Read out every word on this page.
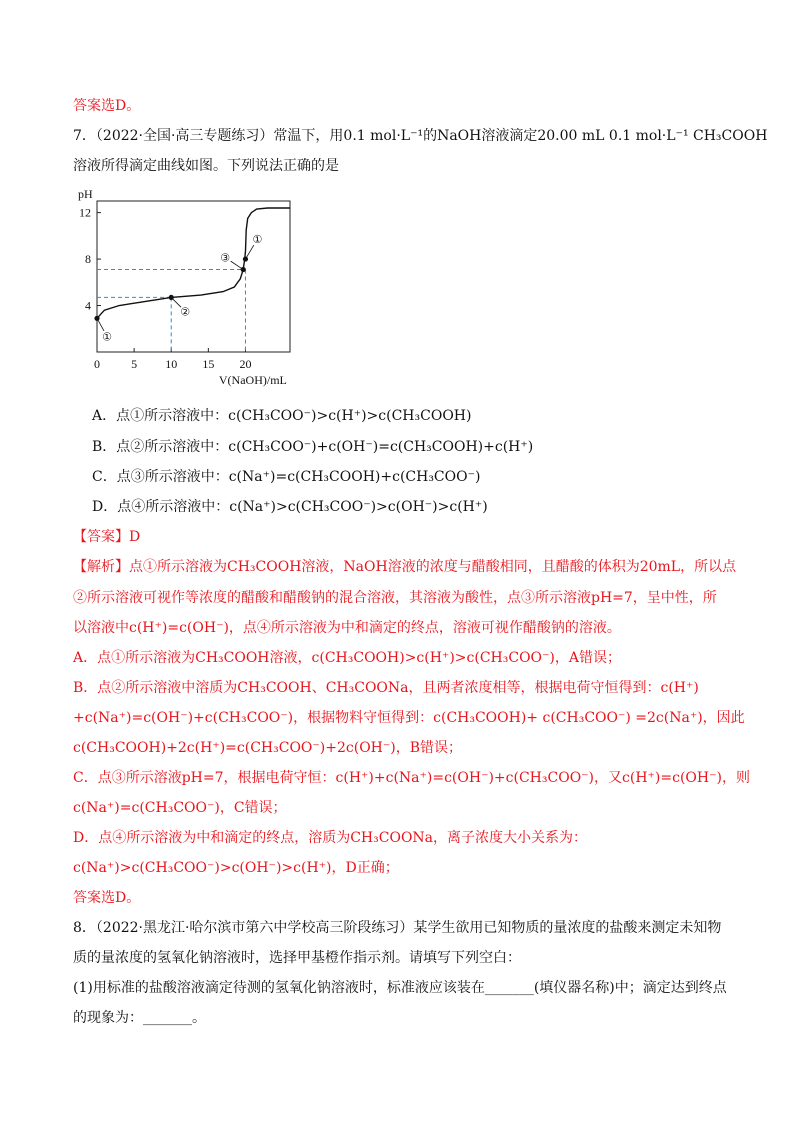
答案选D。
7．（2022·全国·高三专题练习）常温下，用0.1 mol·L⁻¹的NaOH溶液滴定20.00 mL 0.1 mol·L⁻¹ CH₃COOH
溶液所得滴定曲线如图。下列说法正确的是
0	5 10 15 20
4
8
12
pH
V(NaOH)/mL
①
②
③
①
A．点①所示溶液中：c(CH₃COO⁻)>c(H⁺)>c(CH₃COOH)
B．点②所示溶液中：c(CH₃COO⁻)+c(OH⁻)=c(CH₃COOH)+c(H⁺)
C．点③所示溶液中：c(Na⁺)=c(CH₃COOH)+c(CH₃COO⁻)
D．点④所示溶液中：c(Na⁺)>c(CH₃COO⁻)>c(OH⁻)>c(H⁺)
【答案】D
【解析】点①所示溶液为CH₃COOH溶液，NaOH溶液的浓度与醋酸相同，且醋酸的体积为20mL，所以点
②所示溶液可视作等浓度的醋酸和醋酸钠的混合溶液，其溶液为酸性，点③所示溶液pH=7，呈中性，所
以溶液中c(H⁺)=c(OH⁻)，点④所示溶液为中和滴定的终点，溶液可视作醋酸钠的溶液。
A．点①所示溶液为CH₃COOH溶液，c(CH₃COOH)>c(H⁺)>c(CH₃COO⁻)，A错误；
B．点②所示溶液中溶质为CH₃COOH、CH₃COONa，且两者浓度相等，根据电荷守恒得到：c(H⁺)
+c(Na⁺)=c(OH⁻)+c(CH₃COO⁻)，根据物料守恒得到：c(CH₃COOH)+ c(CH₃COO⁻) =2c(Na⁺)，因此
c(CH₃COOH)+2c(H⁺)=c(CH₃COO⁻)+2c(OH⁻)，B错误；
C．点③所示溶液pH=7，根据电荷守恒：c(H⁺)+c(Na⁺)=c(OH⁻)+c(CH₃COO⁻)，又c(H⁺)=c(OH⁻)，则
c(Na⁺)=c(CH₃COO⁻)，C错误；
D．点④所示溶液为中和滴定的终点，溶质为CH₃COONa，离子浓度大小关系为：
c(Na⁺)>c(CH₃COO⁻)>c(OH⁻)>c(H⁺)，D正确；
答案选D。
8．（2022·黑龙江·哈尔滨市第六中学校高三阶段练习）某学生欲用已知物质的量浓度的盐酸来测定未知物
质的量浓度的氢氧化钠溶液时，选择甲基橙作指示剂。请填写下列空白：
(1)用标准的盐酸溶液滴定待测的氢氧化钠溶液时，标准液应该装在_______(填仪器名称)中；滴定达到终点
的现象为：_______。
